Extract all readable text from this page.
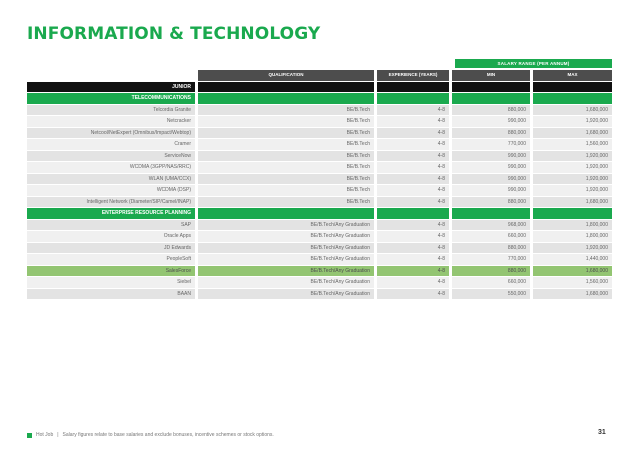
INFORMATION & TECHNOLOGY
SALARY RANGE (PER ANNUM)
		QUALIFICATION		EXPERIENCE (YEARS)		MIN		MAX
JUNIOR								
TELECOMMUNICATIONS								
Telcordia Granite		BE/B.Tech		4-8		880,000		1,680,000
Netcracker		BE/B.Tech		4-8		990,000		1,920,000
Netcool/NetExpert (Omnibus/Impact/Webtop)		BE/B.Tech		4-8		880,000		1,680,000
Cramer		BE/B.Tech		4-8		770,000		1,560,000
ServiceNow		BE/B.Tech		4-8		990,000		1,920,000
WCDMA (3GPP/NAS/RRC)		BE/B.Tech		4-8		990,000		1,920,000
WLAN (UMA/CCX)		BE/B.Tech		4-8		990,000		1,920,000
WCDMA (DSP)		BE/B.Tech		4-8		990,000		1,920,000
Intelligent Network (Diameter/SIP/Camel/INAP)		BE/B.Tech		4-8		880,000		1,680,000
ENTERPRISE RESOURCE PLANNING								
SAP		BE/B.Tech/Any Graduation		4-8		968,000		1,800,000
Oracle Apps		BE/B.Tech/Any Graduation		4-8		660,000		1,800,000
JD Edwards		BE/B.Tech/Any Graduation		4-8		880,000		1,920,000
PeopleSoft		BE/B.Tech/Any Graduation		4-8		770,000		1,440,000
SalesForce		BE/B.Tech/Any Graduation		4-8		880,000		1,680,000
Siebel		BE/B.Tech/Any Graduation		4-8		660,000		1,560,000
BAAN		BE/B.Tech/Any Graduation		4-8		550,000		1,680,000
Hot Job | Salary figures relate to base salaries and exclude bonuses, incentive schemes or stock options.	31
